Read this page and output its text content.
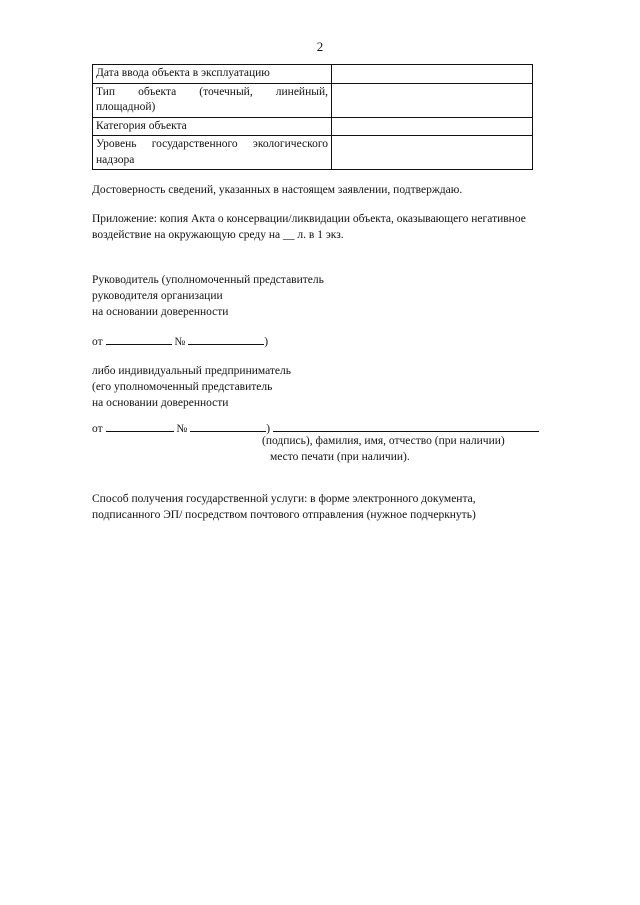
2
Дата ввода объекта в эксплуатацию	
Тип объекта (точечный, линейный, площадной)	
Категория объекта	
Уровень государственного экологического надзора	
Достоверность сведений, указанных в настоящем заявлении, подтверждаю.
Приложение: копия Акта о консервации/ликвидации объекта, оказывающего негативное
воздействие на окружающую среду на __ л. в 1 экз.
Руководитель (уполномоченный представитель
руководителя организации
на основании доверенности
от	№	)
либо индивидуальный предприниматель
(его уполномоченный представитель
на основании доверенности
от	№	)
(подпись), фамилия, имя, отчество (при наличии)
место печати (при наличии).
Способ получения государственной услуги: в форме электронного документа,
подписанного ЭП/ посредством почтового отправления (нужное подчеркнуть)
